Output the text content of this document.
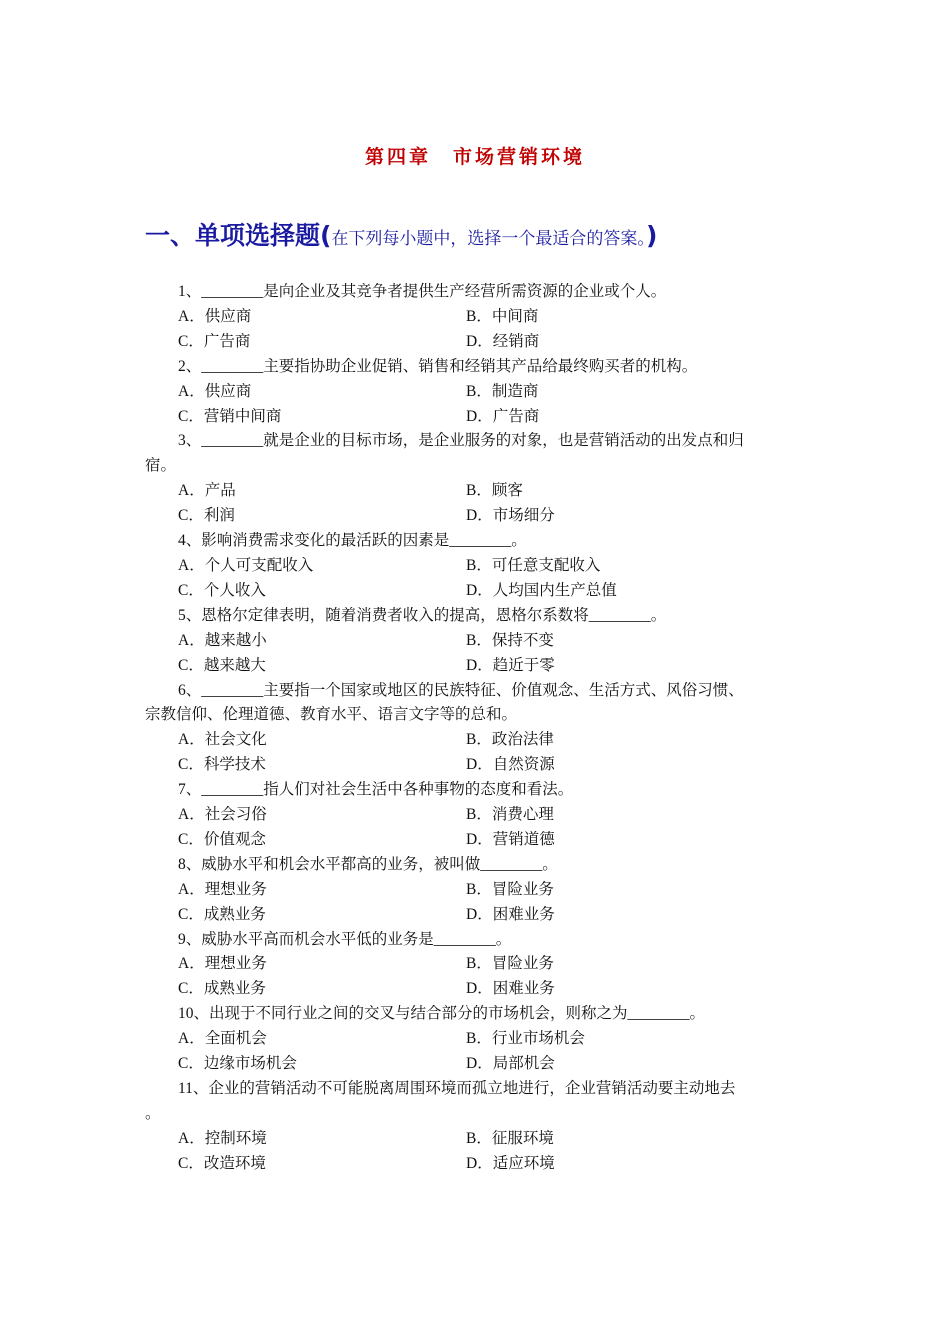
第四章　市场营销环境
一、单项选择题(在下列每小题中，选择一个最适合的答案。)

1、________是向企业及其竞争者提供生产经营所需资源的企业或个人。

A．供应商	B．中间商
C．广告商	D．经销商

2、________主要指协助企业促销、销售和经销其产品给最终购买者的机构。

A．供应商	B．制造商
C．营销中间商	D．广告商

3、________就是企业的目标市场，是企业服务的对象，也是营销活动的出发点和归

宿。

A．产品	B．顾客
C．利润	D．市场细分

4、影响消费需求变化的最活跃的因素是________。

A．个人可支配收入	B．可任意支配收入
C．个人收入	D．人均国内生产总值

5、恩格尔定律表明，随着消费者收入的提高，恩格尔系数将________。

A．越来越小	B．保持不变
C．越来越大	D．趋近于零

6、________主要指一个国家或地区的民族特征、价值观念、生活方式、风俗习惯、

宗教信仰、伦理道德、教育水平、语言文字等的总和。

A．社会文化	B．政治法律
C．科学技术	D．自然资源

7、________指人们对社会生活中各种事物的态度和看法。

A．社会习俗	B．消费心理
C．价值观念	D．营销道德

8、威胁水平和机会水平都高的业务，被叫做________。

A．理想业务	B．冒险业务
C．成熟业务	D．困难业务

9、威胁水平高而机会水平低的业务是________。

A．理想业务	B．冒险业务
C．成熟业务	D．困难业务

10、出现于不同行业之间的交叉与结合部分的市场机会，则称之为________。

A．全面机会	B．行业市场机会
C．边缘市场机会	D．局部机会

11、企业的营销活动不可能脱离周围环境而孤立地进行，企业营销活动要主动地去

。

A．控制环境	B．征服环境
C．改造环境	D．适应环境
